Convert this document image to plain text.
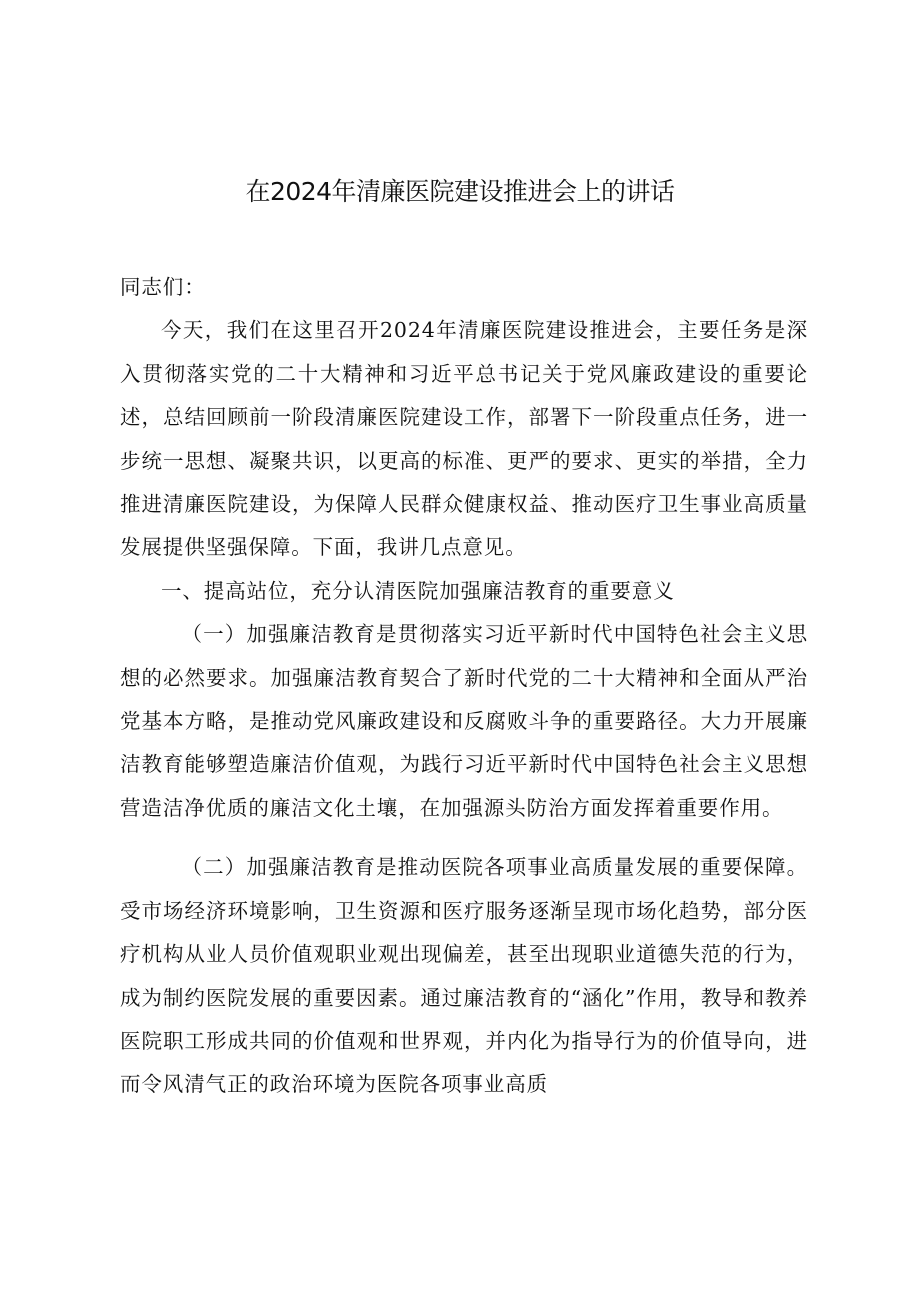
在2024年清廉医院建设推进会上的讲话

同志们：

今天，我们在这里召开2024年清廉医院建设推进会，主要任务是深入贯彻落实党的二十大精神和习近平总书记关于党风廉政建设的重要论述，总结回顾前一阶段清廉医院建设工作，部署下一阶段重点任务，进一步统一思想、凝聚共识，以更高的标准、更严的要求、更实的举措，全力推进清廉医院建设，为保障人民群众健康权益、推动医疗卫生事业高质量发展提供坚强保障。下面，我讲几点意见。

一、提高站位，充分认清医院加强廉洁教育的重要意义

（一）加强廉洁教育是贯彻落实习近平新时代中国特色社会主义思想的必然要求。加强廉洁教育契合了新时代党的二十大精神和全面从严治党基本方略，是推动党风廉政建设和反腐败斗争的重要路径。大力开展廉洁教育能够塑造廉洁价值观，为践行习近平新时代中国特色社会主义思想营造洁净优质的廉洁文化土壤，在加强源头防治方面发挥着重要作用。

（二）加强廉洁教育是推动医院各项事业高质量发展的重要保障。受市场经济环境影响，卫生资源和医疗服务逐渐呈现市场化趋势，部分医疗机构从业人员价值观职业观出现偏差，甚至出现职业道德失范的行为，成为制约医院发展的重要因素。通过廉洁教育的“涵化”作用，教导和教养医院职工形成共同的价值观和世界观，并内化为指导行为的价值导向，进而令风清气正的政治环境为医院各项事业高质
